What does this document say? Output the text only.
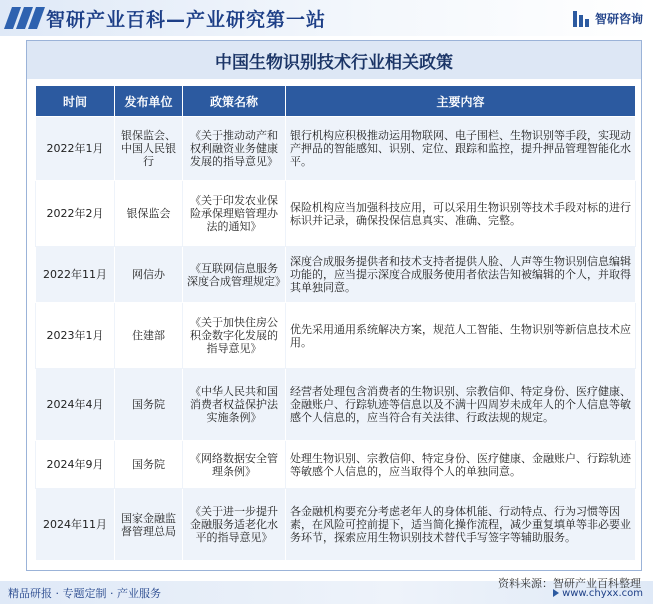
智研产业百科—产业研究第一站	智研咨询
中国生物识别技术行业相关政策
时间	发布单位	政策名称	主要内容
2022年1月	银保监会、中国人民银行	《关于推动动产和权利融资业务健康发展的指导意见》	银行机构应积极推动运用物联网、电子围栏、生物识别等手段，实现动产押品的智能感知、识别、定位、跟踪和监控，提升押品管理智能化水平。
2022年2月	银保监会	《关于印发农业保险承保理赔管理办法的通知》	保险机构应当加强科技应用，可以采用生物识别等技术手段对标的进行标识并记录，确保投保信息真实、准确、完整。
2022年11月	网信办	《互联网信息服务深度合成管理规定》	深度合成服务提供者和技术支持者提供人脸、人声等生物识别信息编辑功能的，应当提示深度合成服务使用者依法告知被编辑的个人，并取得其单独同意。
2023年1月	住建部	《关于加快住房公积金数字化发展的指导意见》	优先采用通用系统解决方案，规范人工智能、生物识别等新信息技术应用。
2024年4月	国务院	《中华人民共和国消费者权益保护法实施条例》	经营者处理包含消费者的生物识别、宗教信仰、特定身份、医疗健康、金融账户、行踪轨迹等信息以及不满十四周岁未成年人的个人信息等敏感个人信息的，应当符合有关法律、行政法规的规定。
2024年9月	国务院	《网络数据安全管理条例》	处理生物识别、宗教信仰、特定身份、医疗健康、金融账户、行踪轨迹等敏感个人信息的，应当取得个人的单独同意。
2024年11月	国家金融监督管理总局	《关于进一步提升金融服务适老化水平的指导意见》	各金融机构要充分考虑老年人的身体机能、行动特点、行为习惯等因素，在风险可控前提下，适当简化操作流程，减少重复填单等非必要业务环节，探索应用生物识别技术替代手写签字等辅助服务。
资料来源：智研产业百科整理
精品研报 · 专题定制 · 产业服务	www.chyxx.com
